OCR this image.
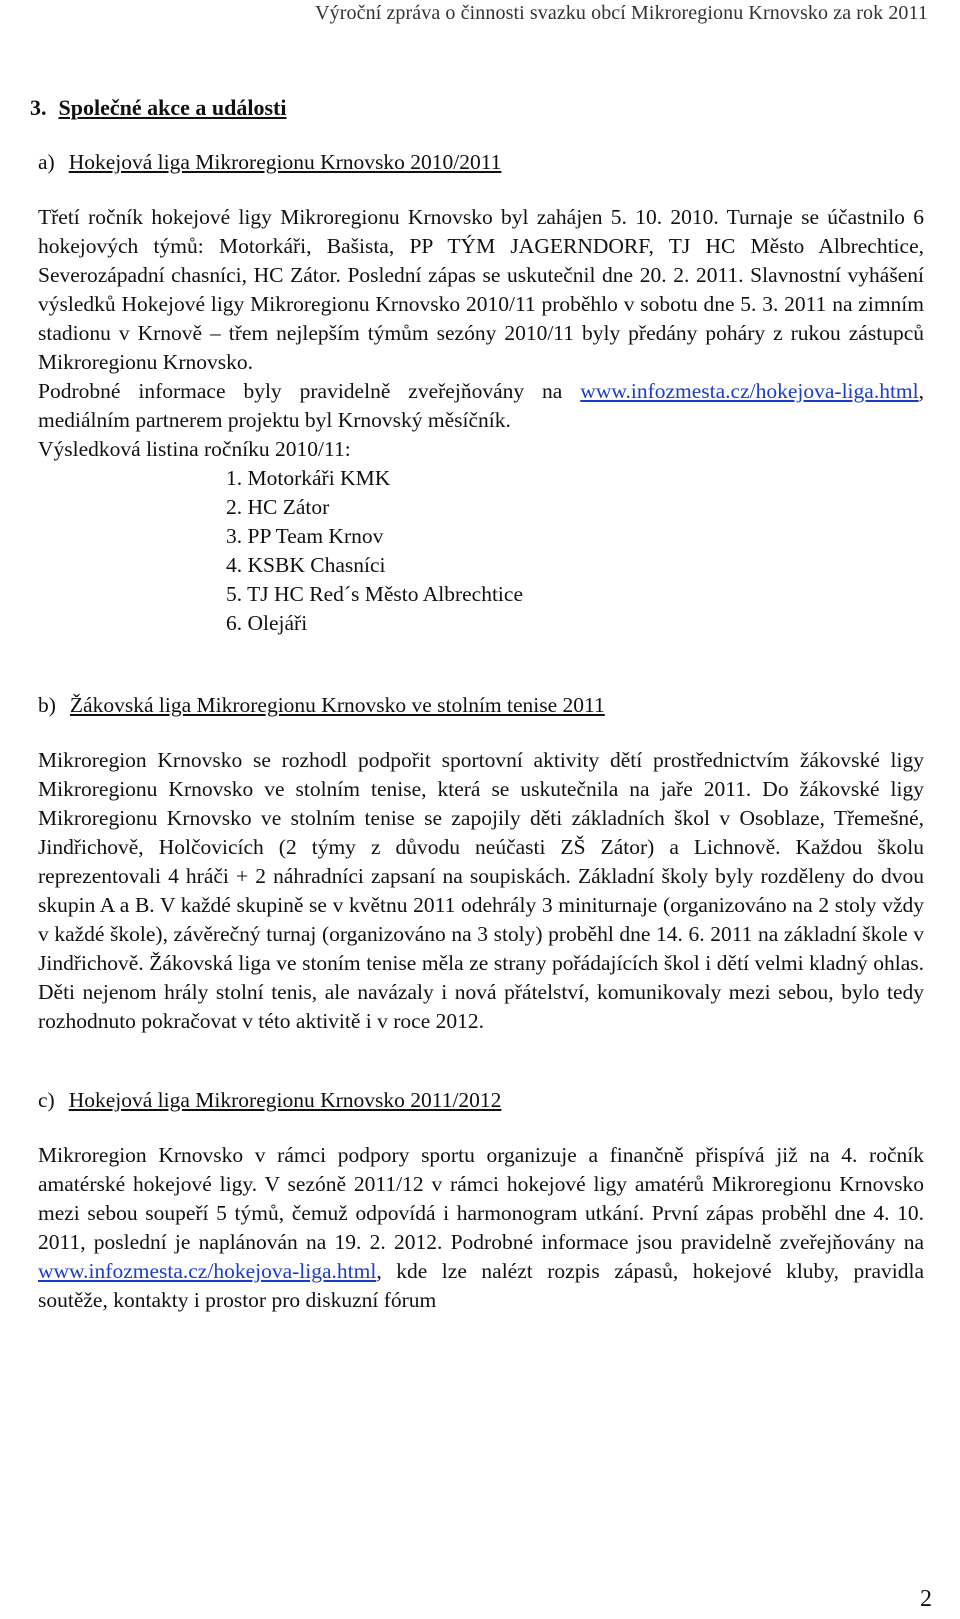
Výroční zpráva o činnosti svazku obcí Mikroregionu Krnovsko za rok 2011
3. Společné akce a události
a) Hokejová liga Mikroregionu Krnovsko 2010/2011

Třetí ročník hokejové ligy Mikroregionu Krnovsko byl zahájen 5. 10. 2010. Turnaje se účastnilo 6 hokejových týmů: Motorkáři, Bašista, PP TÝM JAGERNDORF, TJ HC Město Albrechtice, Severozápadní chasníci, HC Zátor. Poslední zápas se uskutečnil dne 20. 2. 2011. Slavnostní vyhášení výsledků Hokejové ligy Mikroregionu Krnovsko 2010/11 proběhlo v sobotu dne 5. 3. 2011 na zimním stadionu v Krnově – třem nejlepším týmům sezóny 2010/11 byly předány poháry z rukou zástupců Mikroregionu Krnovsko.
Podrobné informace byly pravidelně zveřejňovány na www.infozmesta.cz/hokejova-liga.html, mediálním partnerem projektu byl Krnovský měsíčník.

Výsledková listina ročníku 2010/11:
1. Motorkáři KMK
2. HC Zátor
3. PP Team Krnov
4. KSBK Chasníci
5. TJ HC Red´s Město Albrechtice
6. Olejáři
b) Žákovská liga Mikroregionu Krnovsko ve stolním tenise 2011

Mikroregion Krnovsko se rozhodl podpořit sportovní aktivity dětí prostřednictvím žákovské ligy Mikroregionu Krnovsko ve stolním tenise, která se uskutečnila na jaře 2011. Do žákovské ligy Mikroregionu Krnovsko ve stolním tenise se zapojily děti základních škol v Osoblaze, Třemešné, Jindřichově, Holčovicích (2 týmy z důvodu neúčasti ZŠ Zátor) a Lichnově. Každou školu reprezentovali 4 hráči + 2 náhradníci zapsaní na soupiskách. Základní školy byly rozděleny do dvou skupin A a B. V každé skupině se v květnu 2011 odehrály 3 miniturnaje (organizováno na 2 stoly vždy v každé škole), závěrečný turnaj (organizováno na 3 stoly) proběhl dne 14. 6. 2011 na základní škole v Jindřichově. Žákovská liga ve stoním tenise měla ze strany pořádajících škol i dětí velmi kladný ohlas. Děti nejenom hrály stolní tenis, ale navázaly i nová přátelství, komunikovaly mezi sebou, bylo tedy rozhodnuto pokračovat v této aktivitě i v roce 2012.

c) Hokejová liga Mikroregionu Krnovsko 2011/2012

Mikroregion Krnovsko v rámci podpory sportu organizuje a finančně přispívá již na 4. ročník amatérské hokejové ligy. V sezóně 2011/12 v rámci hokejové ligy amatérů Mikroregionu Krnovsko mezi sebou soupeří 5 týmů, čemuž odpovídá i harmonogram utkání. První zápas proběhl dne 4. 10. 2011, poslední je naplánován na 19. 2. 2012. Podrobné informace jsou pravidelně zveřejňovány na www.infozmesta.cz/hokejova-liga.html, kde lze nalézt rozpis zápasů, hokejové kluby, pravidla soutěže, kontakty i prostor pro diskuzní fórum

2
